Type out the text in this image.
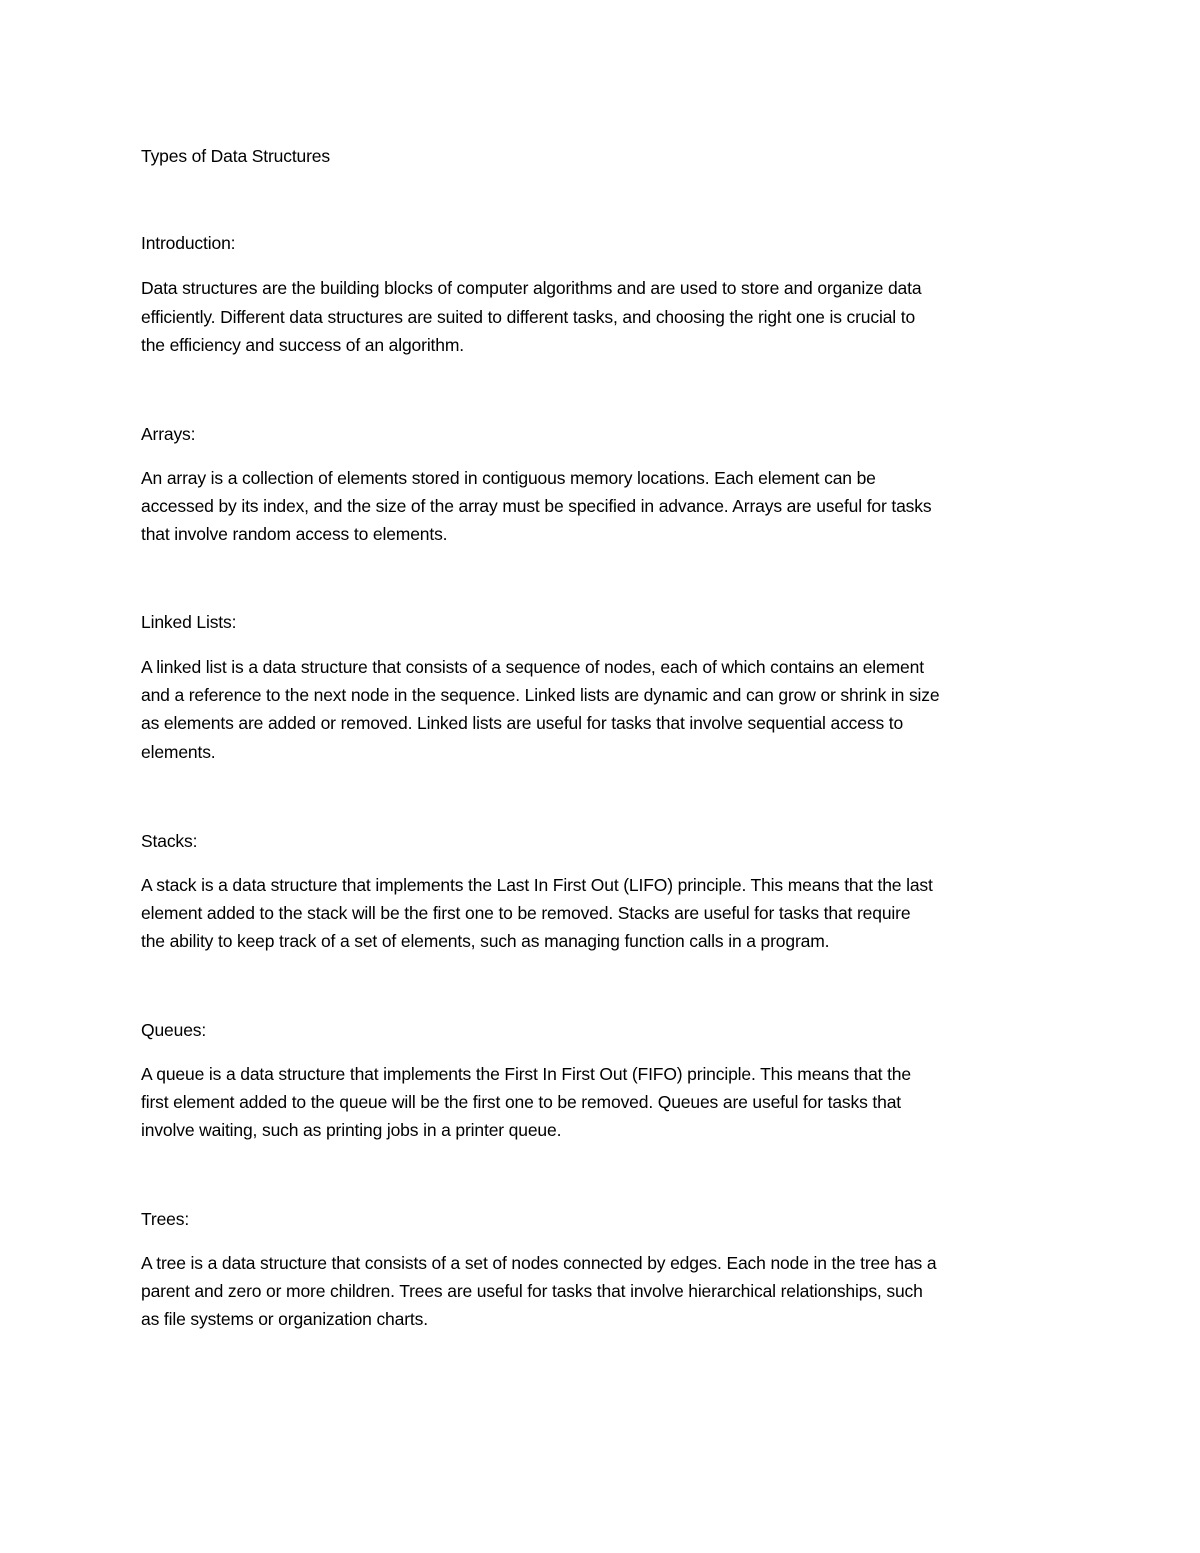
Types of Data Structures
Introduction:
Data structures are the building blocks of computer algorithms and are used to store and organize data
efficiently. Different data structures are suited to different tasks, and choosing the right one is crucial to
the efficiency and success of an algorithm.
Arrays:
An array is a collection of elements stored in contiguous memory locations. Each element can be
accessed by its index, and the size of the array must be specified in advance. Arrays are useful for tasks
that involve random access to elements.
Linked Lists:
A linked list is a data structure that consists of a sequence of nodes, each of which contains an element
and a reference to the next node in the sequence. Linked lists are dynamic and can grow or shrink in size
as elements are added or removed. Linked lists are useful for tasks that involve sequential access to
elements.
Stacks:
A stack is a data structure that implements the Last In First Out (LIFO) principle. This means that the last
element added to the stack will be the first one to be removed. Stacks are useful for tasks that require
the ability to keep track of a set of elements, such as managing function calls in a program.
Queues:
A queue is a data structure that implements the First In First Out (FIFO) principle. This means that the
first element added to the queue will be the first one to be removed. Queues are useful for tasks that
involve waiting, such as printing jobs in a printer queue.
Trees:
A tree is a data structure that consists of a set of nodes connected by edges. Each node in the tree has a
parent and zero or more children. Trees are useful for tasks that involve hierarchical relationships, such
as file systems or organization charts.
